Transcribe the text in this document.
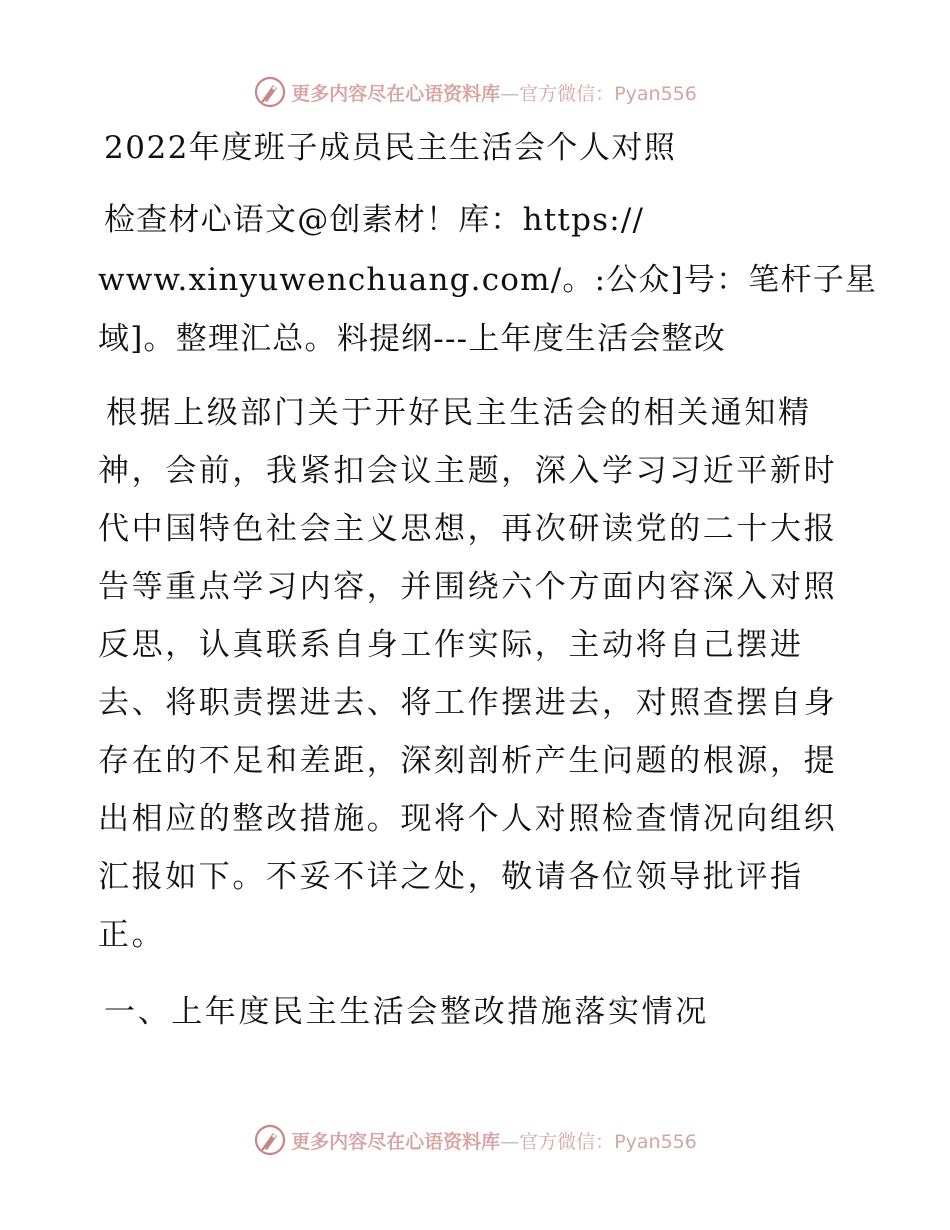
更多内容尽在心语资料库—官方微信：Pyan556
2022年度班子成员民主生活会个人对照
检查材心语文@创素材！库：https://
www.xinyuwenchuang.com/。:公众]号：笔杆子星
域]。整理汇总。料提纲---上年度生活会整改
根据上级部门关于开好民主生活会的相关通知精
神，会前，我紧扣会议主题，深入学习习近平新时
代中国特色社会主义思想，再次研读党的二十大报
告等重点学习内容，并围绕六个方面内容深入对照
反思，认真联系自身工作实际，主动将自己摆进
去、将职责摆进去、将工作摆进去，对照查摆自身
存在的不足和差距，深刻剖析产生问题的根源，提
出相应的整改措施。现将个人对照检查情况向组织
汇报如下。不妥不详之处，敬请各位领导批评指
正。
一、上年度民主生活会整改措施落实情况
更多内容尽在心语资料库—官方微信：Pyan556
